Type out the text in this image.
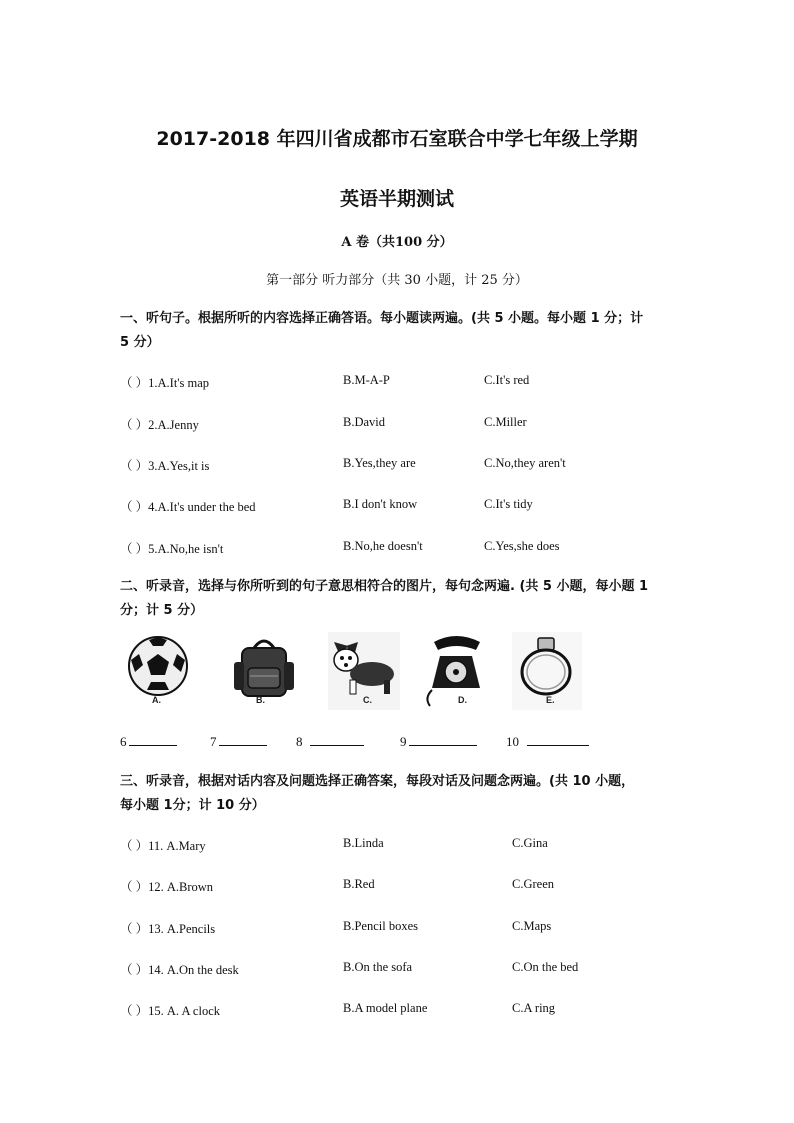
2017-2018 年四川省成都市石室联合中学七年级上学期
英语半期测试
A 卷（共100 分）
第一部分 听力部分（共 30 小题，计 25 分）
一、听句子。根据所听的内容选择正确答语。每小题读两遍。(共 5 小题。每小题 1 分；计
5 分）
（ ）1.A.It's map	B.M-A-P	C.It's red
（ ）2.A.Jenny	B.David	C.Miller
（ ）3.A.Yes,it is	B.Yes,they are	C.No,they aren't
（ ）4.A.It's under the bed	B.I don't know	C.It's tidy
（ ）5.A.No,he isn't	B.No,he doesn't	C.Yes,she does
二、听录音，选择与你所听到的句子意思相符合的图片，每句念两遍. (共 5 小题，每小题 1
分；计 5 分）
A.	B.	C.	D.	E.
6	7	8	9	10
三、听录音，根据对话内容及问题选择正确答案，每段对话及问题念两遍。(共 10 小题，
每小题 1分；计 10 分）
（ ）11. A.Mary	B.Linda	C.Gina
（ ）12. A.Brown	B.Red	C.Green
（ ）13. A.Pencils	B.Pencil boxes	C.Maps
（ ）14. A.On the desk	B.On the sofa	C.On the bed
（ ）15. A. A clock	B.A model plane	C.A ring
